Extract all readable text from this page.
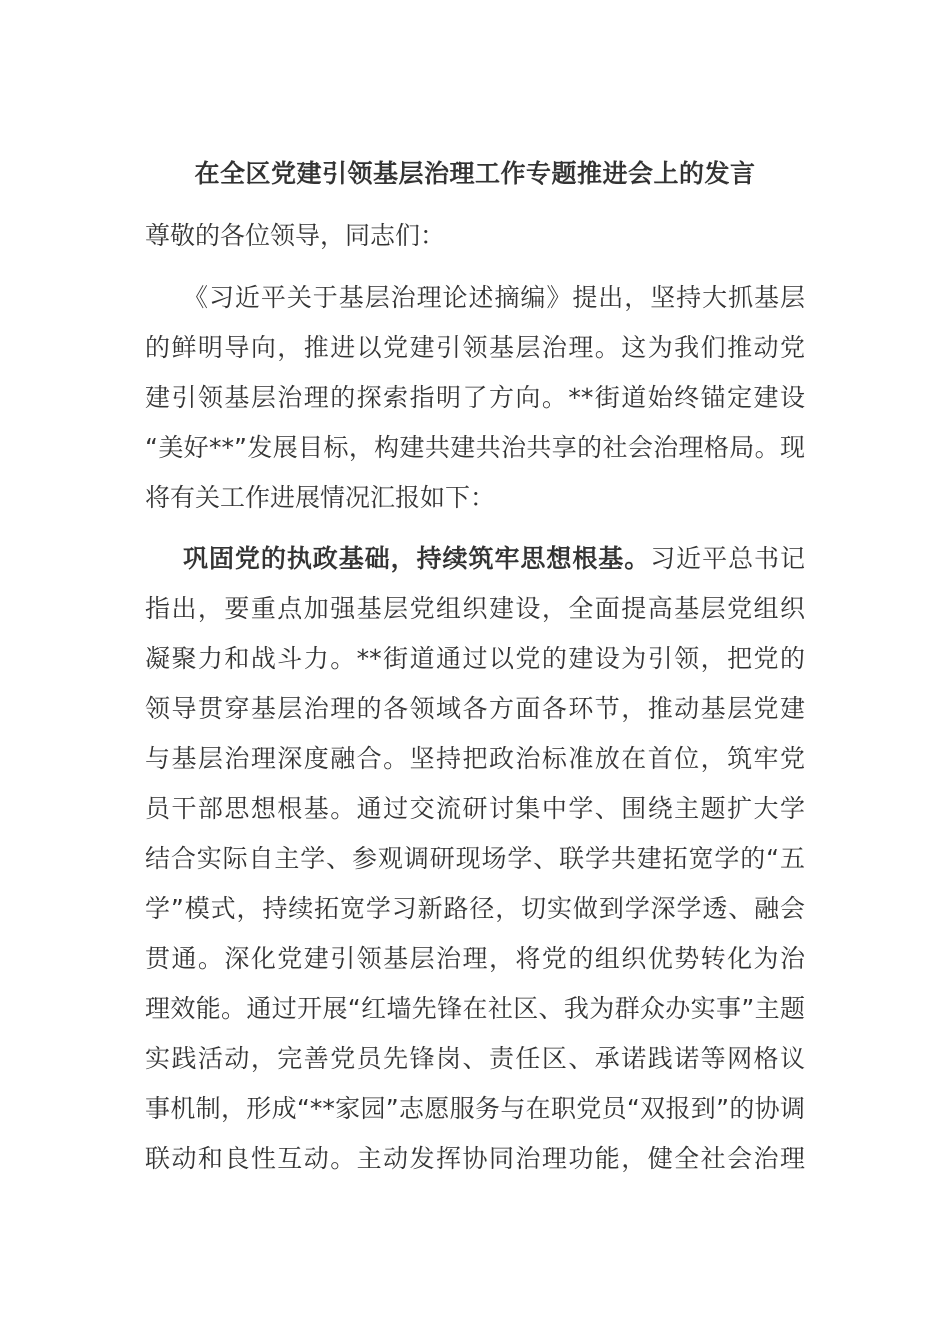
在全区党建引领基层治理工作专题推进会上的发言
尊敬的各位领导，同志们：
《习近平关于基层治理论述摘编》提出，坚持大抓基层
的鲜明导向，推进以党建引领基层治理。这为我们推动党
建引领基层治理的探索指明了方向。**街道始终锚定建设
“美好**”发展目标，构建共建共治共享的社会治理格局。现
将有关工作进展情况汇报如下：
巩固党的执政基础，持续筑牢思想根基。习近平总书记
指出，要重点加强基层党组织建设，全面提高基层党组织
凝聚力和战斗力。**街道通过以党的建设为引领，把党的
领导贯穿基层治理的各领域各方面各环节，推动基层党建
与基层治理深度融合。坚持把政治标准放在首位，筑牢党
员干部思想根基。通过交流研讨集中学、围绕主题扩大学
结合实际自主学、参观调研现场学、联学共建拓宽学的“五
学”模式，持续拓宽学习新路径，切实做到学深学透、融会
贯通。深化党建引领基层治理，将党的组织优势转化为治
理效能。通过开展“红墙先锋在社区、我为群众办实事”主题
实践活动，完善党员先锋岗、责任区、承诺践诺等网格议
事机制，形成“**家园”志愿服务与在职党员“双报到”的协调
联动和良性互动。主动发挥协同治理功能，健全社会治理
